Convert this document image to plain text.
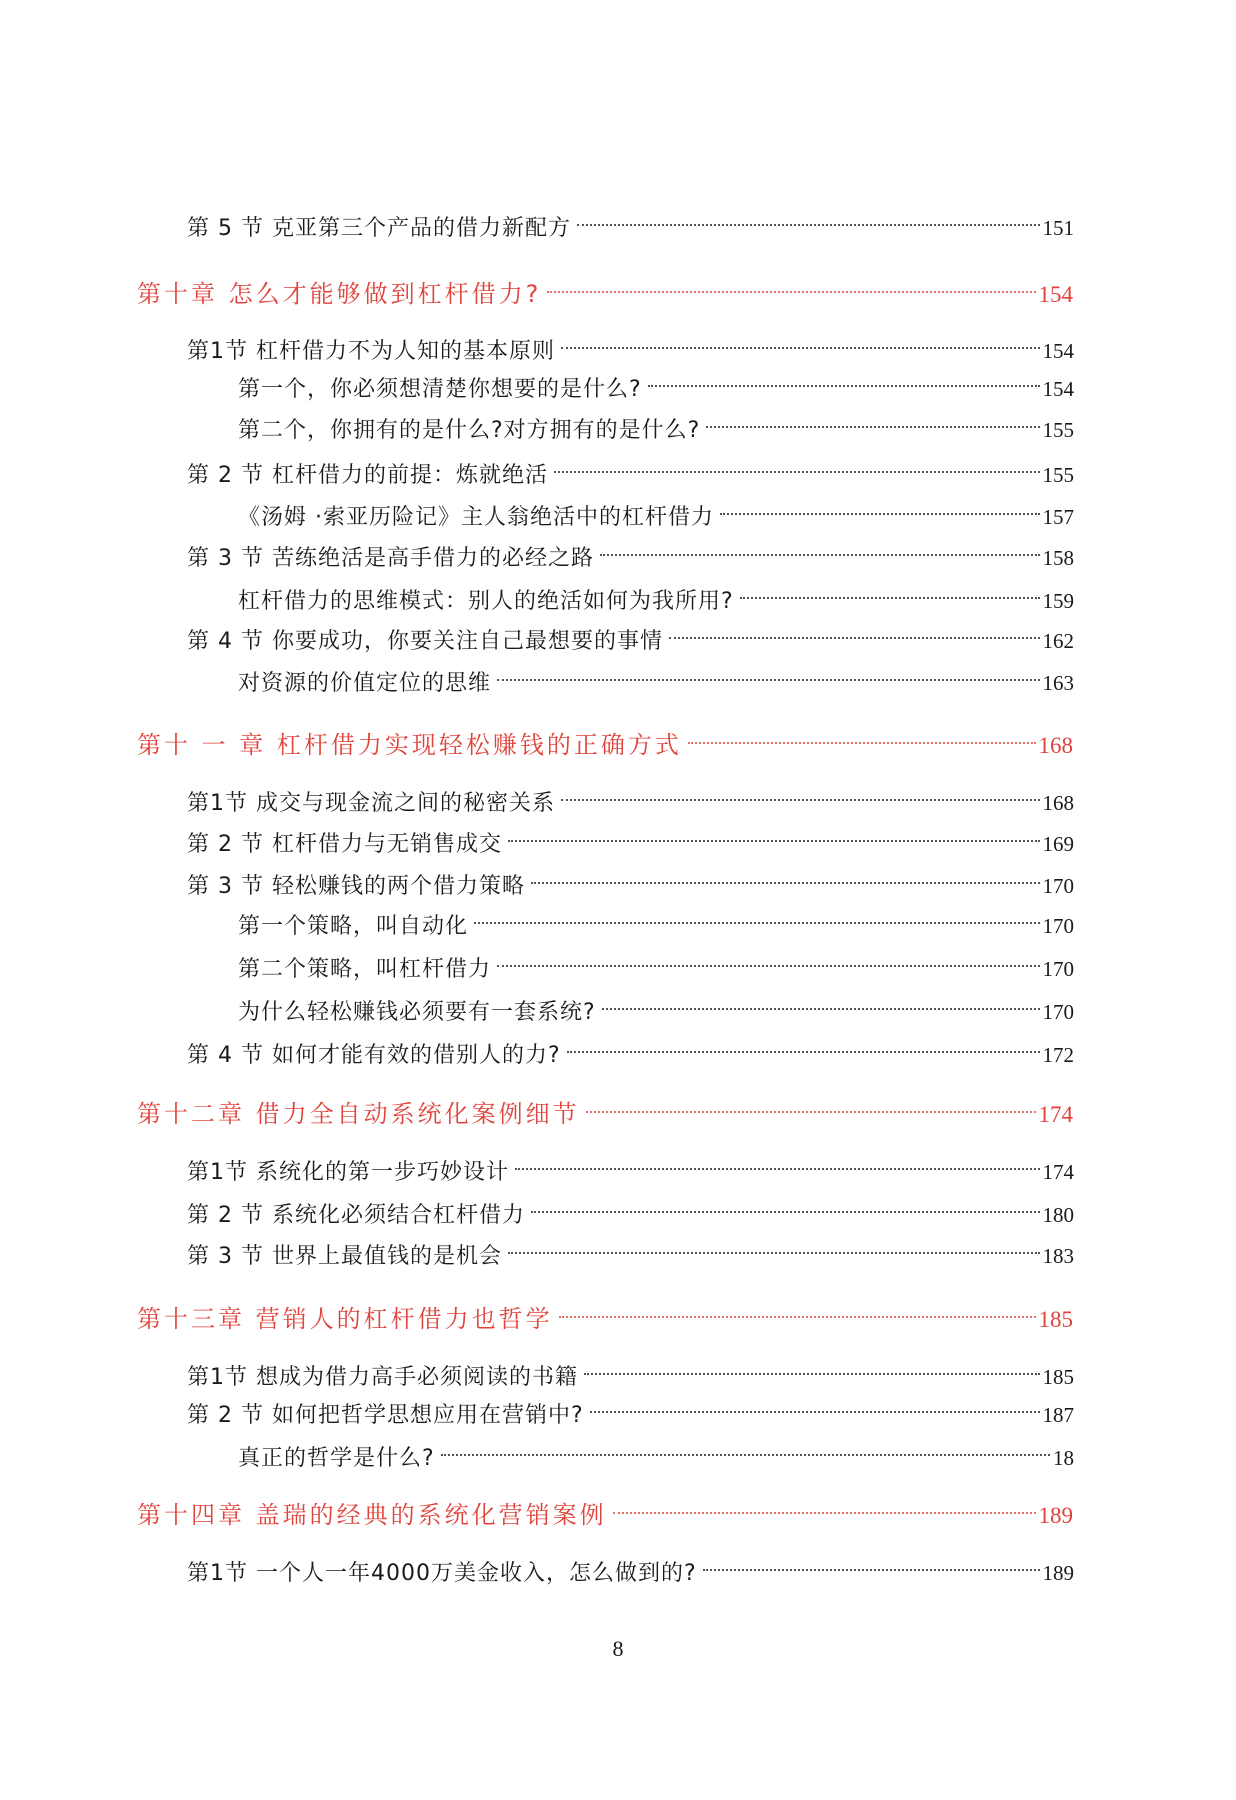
第 5 节 克亚第三个产品的借力新配方	151
第十章 怎么才能够做到杠杆借力?	154
第1节 杠杆借力不为人知的基本原则	154
第一个，你必须想清楚你想要的是什么?	154
第二个，你拥有的是什么?对方拥有的是什么?	155
第 2 节 杠杆借力的前提：炼就绝活	155
《汤姆 ·索亚历险记》主人翁绝活中的杠杆借力	157
第 3 节 苦练绝活是高手借力的必经之路	158
杠杆借力的思维模式：别人的绝活如何为我所用?	159
第 4 节 你要成功，你要关注自己最想要的事情	162
对资源的价值定位的思维	163
第十 一 章 杠杆借力实现轻松赚钱的正确方式	168
第1节 成交与现金流之间的秘密关系	168
第 2 节 杠杆借力与无销售成交	169
第 3 节 轻松赚钱的两个借力策略	170
第一个策略，叫自动化	170
第二个策略，叫杠杆借力	170
为什么轻松赚钱必须要有一套系统?	170
第 4 节 如何才能有效的借别人的力?	172
第十二章 借力全自动系统化案例细节	174
第1节 系统化的第一步巧妙设计	174
第 2 节 系统化必须结合杠杆借力	180
第 3 节 世界上最值钱的是机会	183
第十三章 营销人的杠杆借力也哲学	185
第1节 想成为借力高手必须阅读的书籍	185
第 2 节 如何把哲学思想应用在营销中?	187
真正的哲学是什么?	18
第十四章 盖瑞的经典的系统化营销案例	189
第1节 一个人一年4000万美金收入，怎么做到的?	189
8
